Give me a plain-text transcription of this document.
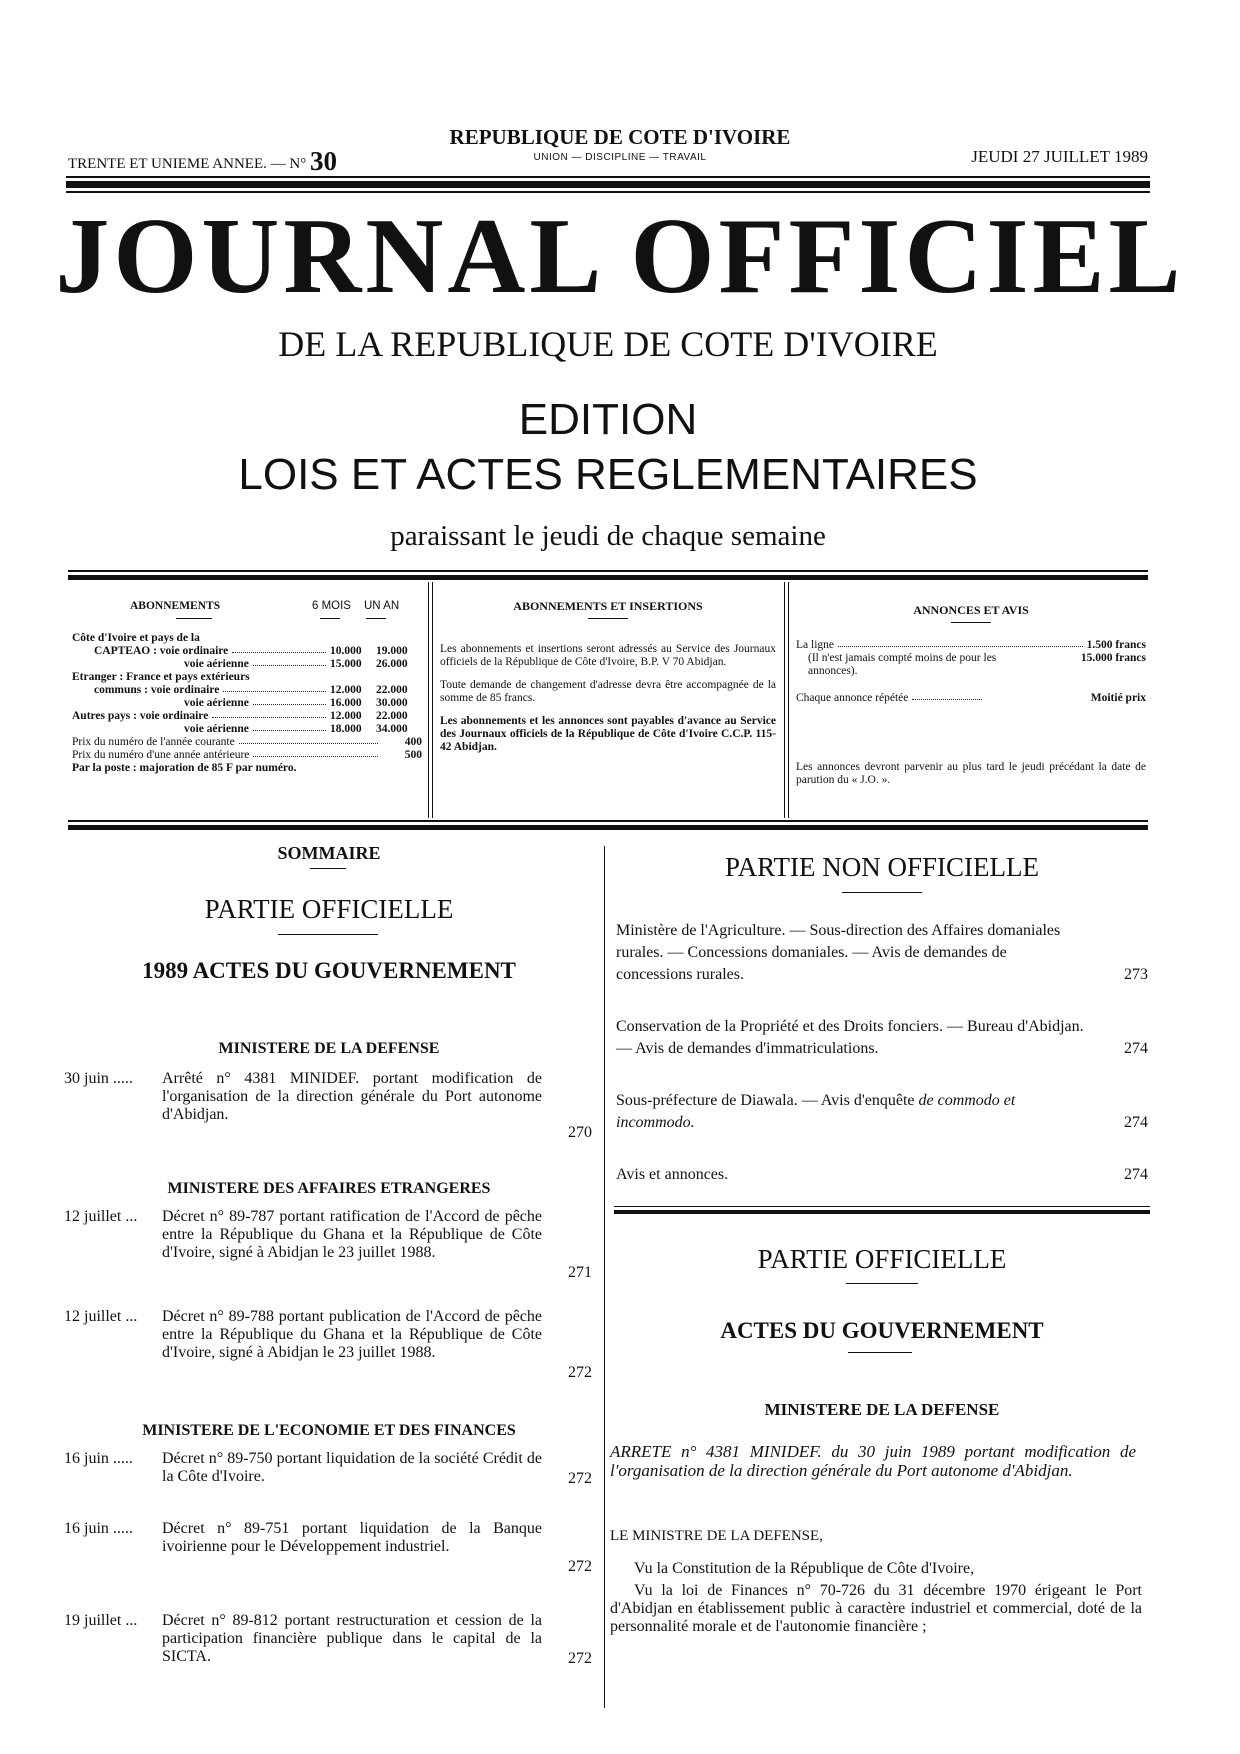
TRENTE ET UNIEME ANNEE. — N° 30
REPUBLIQUE DE COTE D'IVOIRE
UNION — DISCIPLINE — TRAVAIL	JEUDI 27 JUILLET 1989
JOURNAL OFFICIEL
DE LA REPUBLIQUE DE COTE D'IVOIRE
EDITION
LOIS ET ACTES REGLEMENTAIRES
paraissant le jeudi de chaque semaine
ABONNEMENTS	6 MOIS UN AN
Côte d'Ivoire et pays de la
CAPTEAO : voie ordinaire	10.000	19.000
voie aérienne	15.000	26.000
Etranger : France et pays extérieurs
communs : voie ordinaire	12.000	22.000
voie aérienne	16.000	30.000
Autres pays : voie ordinaire	12.000	22.000
voie aérienne	18.000	34.000
Prix du numéro de l'année courante	400
Prix du numéro d'une année antérieure	500
Par la poste : majoration de 85 F par numéro.
ABONNEMENTS ET INSERTIONS
Les abonnements et insertions seront adressés au Service des Journaux officiels de la République de Côte d'Ivoire, B.P. V 70 Abidjan.
Toute demande de changement d'adresse devra être accompagnée de la somme de 85 francs.
Les abonnements et les annonces sont payables d'avance au Service des Journaux officiels de la République de Côte d'Ivoire C.C.P. 115-42 Abidjan.
ANNONCES ET AVIS
La ligne	1.500 francs
(Il n'est jamais compté moins de pour les annonces).
15.000 francs
Chaque annonce répétée	Moitié prix
Les annonces devront parvenir au plus tard le jeudi précédant la date de parution du « J.O. ».
SOMMAIRE
PARTIE OFFICIELLE
1989 ACTES DU GOUVERNEMENT
MINISTERE DE LA DEFENSE
30 juin ..... Arrêté n° 4381 MINIDEF. portant modification de l'organisation de la direction générale du Port autonome d'Abidjan.
270
MINISTERE DES AFFAIRES ETRANGERES
12 juillet ... Décret n° 89-787 portant ratification de l'Accord de pêche entre la République du Ghana et la République de Côte d'Ivoire, signé à Abidjan le 23 juillet 1988.
271
12 juillet ... Décret n° 89-788 portant publication de l'Accord de pêche entre la République du Ghana et la République de Côte d'Ivoire, signé à Abidjan le 23 juillet 1988.
272
MINISTERE DE L'ECONOMIE ET DES FINANCES
16 juin ..... Décret n° 89-750 portant liquidation de la société Crédit de la Côte d'Ivoire.	272
16 juin ..... Décret n° 89-751 portant liquidation de la Banque ivoirienne pour le Développement industriel.
272
19 juillet ... Décret n° 89-812 portant restructuration et cession de la participation financière publique dans le capital de la SICTA.	272
PARTIE NON OFFICIELLE
Ministère de l'Agriculture. — Sous-direction des Affaires domaniales rurales. — Concessions domaniales. — Avis de demandes de concessions rurales.	273
Conservation de la Propriété et des Droits fonciers. — Bureau d'Abidjan. — Avis de demandes d'immatriculations.	274
Sous-préfecture de Diawala. — Avis d'enquête de commodo et incommodo.	274
Avis et annonces.	274
PARTIE OFFICIELLE
ACTES DU GOUVERNEMENT
MINISTERE DE LA DEFENSE
ARRETE n° 4381 MINIDEF. du 30 juin 1989 portant modification de l'organisation de la direction générale du Port autonome d'Abidjan.
LE MINISTRE DE LA DEFENSE,
Vu la Constitution de la République de Côte d'Ivoire,
Vu la loi de Finances n° 70-726 du 31 décembre 1970 érigeant le Port d'Abidjan en établissement public à caractère industriel et commercial, doté de la personnalité morale et de l'autonomie financière ;
